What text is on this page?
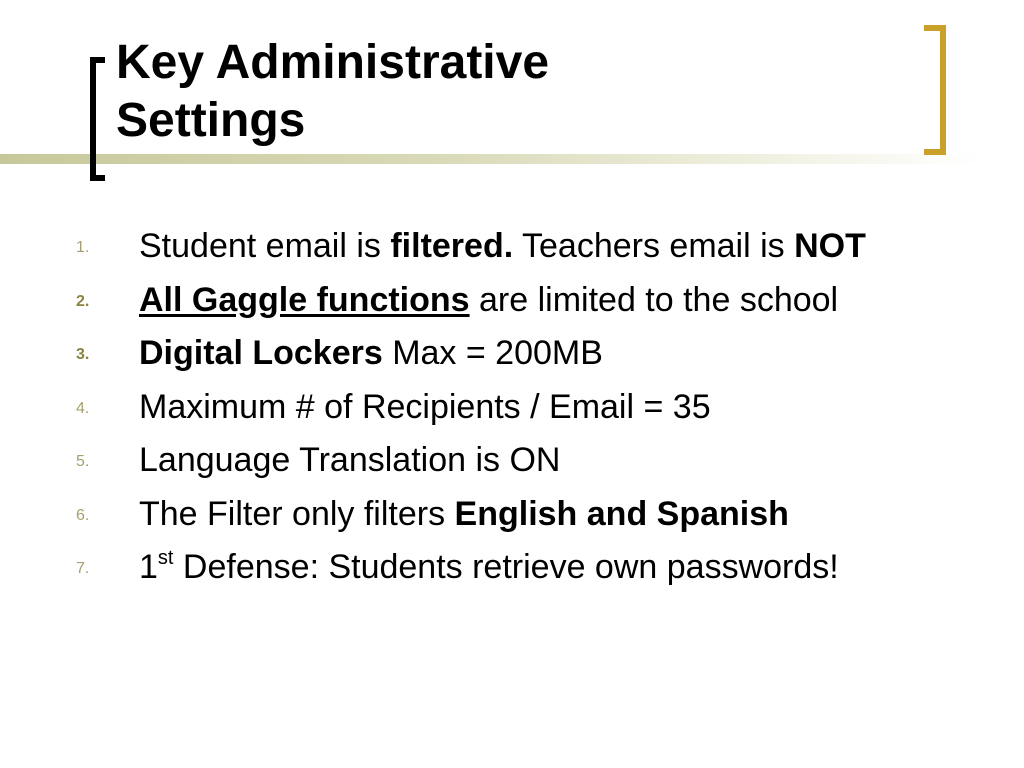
Key Administrative
Settings
1. Student email is filtered. Teachers email is NOT
2. All Gaggle functions are limited to the school
3. Digital Lockers Max = 200MB
4. Maximum # of Recipients / Email = 35
5. Language Translation is ON
6. The Filter only filters English and Spanish
7. 1st Defense: Students retrieve own passwords!
